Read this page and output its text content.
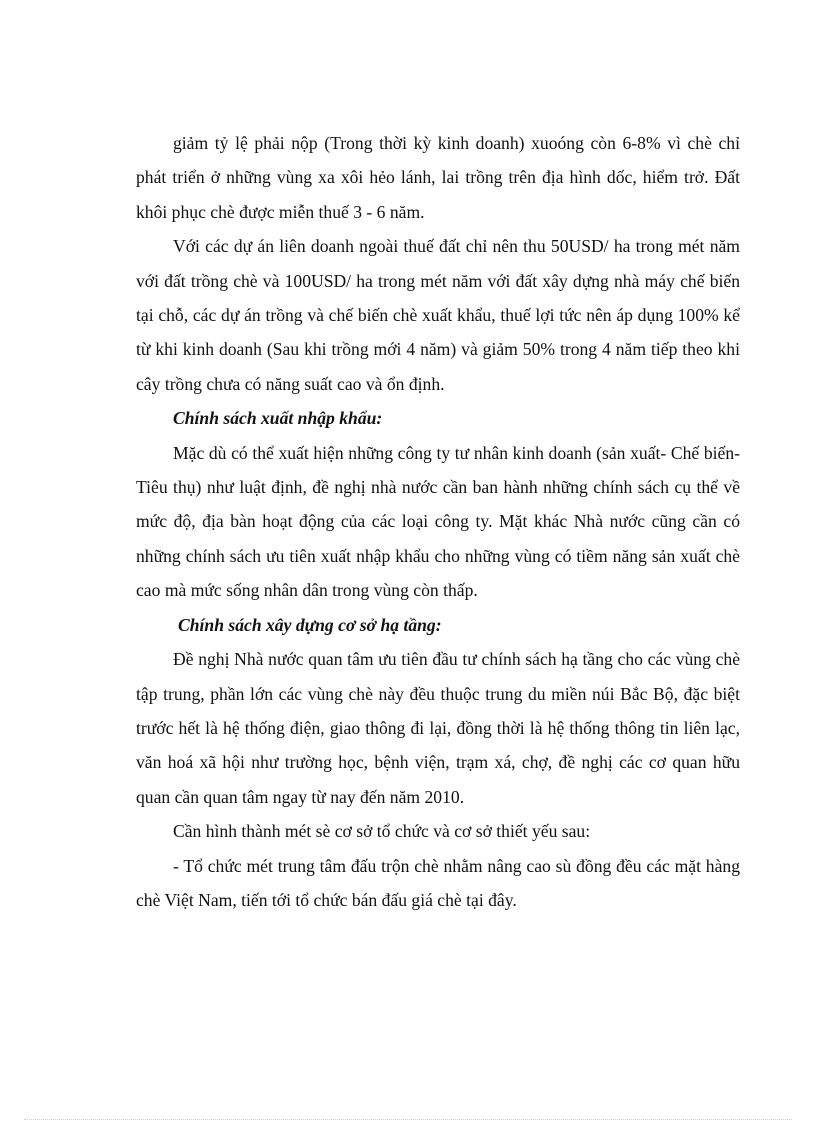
giảm tỷ lệ phải nộp (Trong thời kỳ kinh doanh) xuoóng còn 6-8% vì chè chỉ phát triển ở những vùng xa xôi hẻo lánh, lai trồng trên địa hình dốc, hiểm trở. Đất khôi phục chè được miễn thuế 3 - 6 năm.

Với các dự án liên doanh ngoài thuế đất chỉ nên thu 50USD/ ha trong mét năm với đất trồng chè và 100USD/ ha trong mét năm với đất xây dựng nhà máy chế biến tại chỗ, các dự án trồng và chế biến chè xuất khẩu, thuế lợi tức nên áp dụng 100% kể từ khi kinh doanh (Sau khi trồng mới 4 năm) và giảm 50% trong 4 năm tiếp theo khi cây trồng chưa có năng suất cao và ổn định.

Chính sách xuất nhập khẩu:

Mặc dù có thể xuất hiện những công ty tư nhân kinh doanh (sản xuất- Chế biến- Tiêu thụ) như luật định, đề nghị nhà nước cần ban hành những chính sách cụ thể về mức độ, địa bàn hoạt động của các loại công ty. Mặt khác Nhà nước cũng cần có những chính sách ưu tiên xuất nhập khẩu cho những vùng có tiềm năng sản xuất chè cao mà mức sống nhân dân trong vùng còn thấp.

Chính sách xây dựng cơ sở hạ tầng:

Đề nghị Nhà nước quan tâm ưu tiên đầu tư chính sách hạ tầng cho các vùng chè tập trung, phần lớn các vùng chè này đều thuộc trung du miền núi Bắc Bộ, đặc biệt trước hết là hệ thống điện, giao thông đi lại, đồng thời là hệ thống thông tin liên lạc, văn hoá xã hội như trường học, bệnh viện, trạm xá, chợ, đề nghị các cơ quan hữu quan cần quan tâm ngay từ nay đến năm 2010.

Cần hình thành mét sè cơ sở tổ chức và cơ sở thiết yếu sau:

- Tổ chức mét trung tâm đấu trộn chè nhằm nâng cao sù đồng đều các mặt hàng chè Việt Nam, tiến tới tổ chức bán đấu giá chè tại đây.
